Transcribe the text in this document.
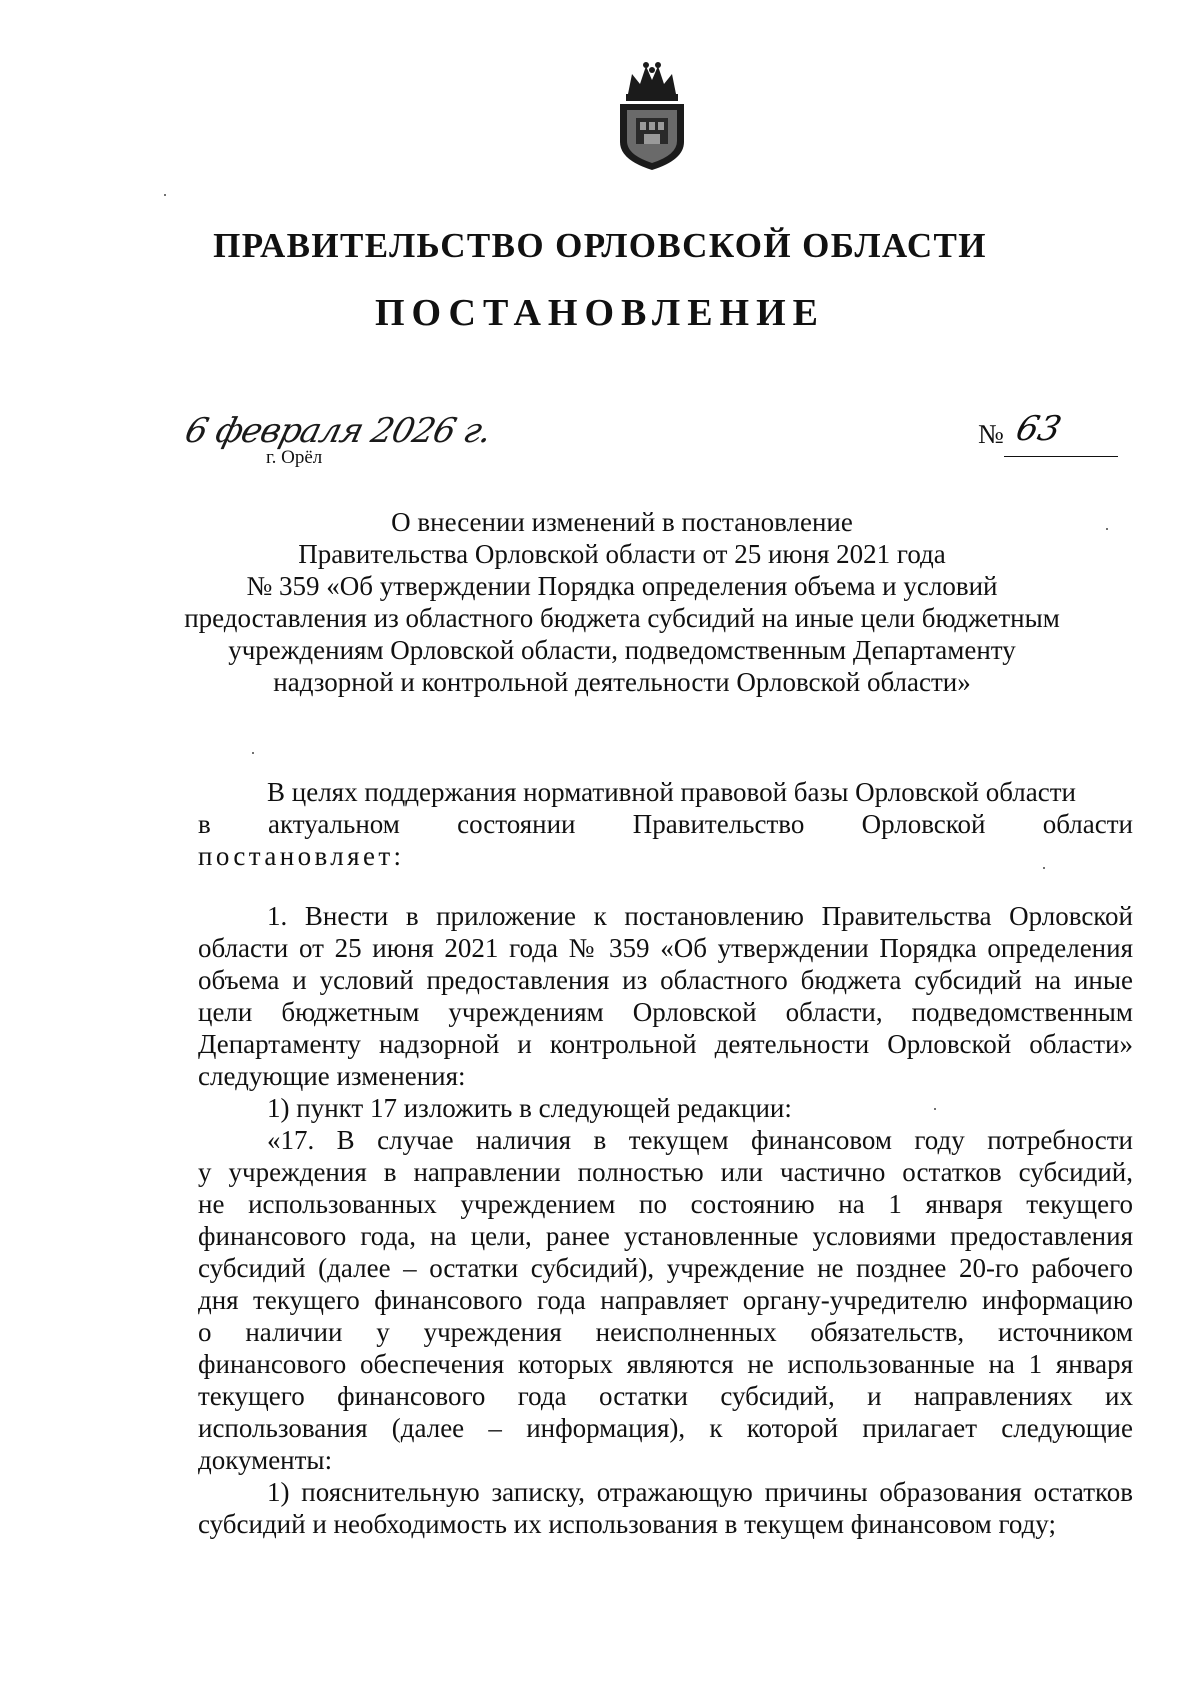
ПРАВИТЕЛЬСТВО ОРЛОВСКОЙ ОБЛАСТИ
ПОСТАНОВЛЕНИЕ
6 февраля 2026 г.
г. Орёл
№ 63
О внесении изменений в постановление
Правительства Орловской области от 25 июня 2021 года
№ 359 «Об утверждении Порядка определения объема и условий
предоставления из областного бюджета субсидий на иные цели бюджетным
учреждениям Орловской области, подведомственным Департаменту
надзорной и контрольной деятельности Орловской области»
В целях поддержания нормативной правовой базы Орловской области
в актуальном состоянии Правительство Орловской области
постановляет:
1. Внести в приложение к постановлению Правительства Орловской
области от 25 июня 2021 года № 359 «Об утверждении Порядка определения
объема и условий предоставления из областного бюджета субсидий на иные
цели бюджетным учреждениям Орловской области, подведомственным
Департаменту надзорной и контрольной деятельности Орловской области»
следующие изменения:
1) пункт 17 изложить в следующей редакции:
«17. В случае наличия в текущем финансовом году потребности
у учреждения в направлении полностью или частично остатков субсидий,
не использованных учреждением по состоянию на 1 января текущего
финансового года, на цели, ранее установленные условиями предоставления
субсидий (далее – остатки субсидий), учреждение не позднее 20-го рабочего
дня текущего финансового года направляет органу-учредителю информацию
о наличии у учреждения неисполненных обязательств, источником
финансового обеспечения которых являются не использованные на 1 января
текущего финансового года остатки субсидий, и направлениях их
использования (далее – информация), к которой прилагает следующие
документы:
1) пояснительную записку, отражающую причины образования остатков
субсидий и необходимость их использования в текущем финансовом году;
